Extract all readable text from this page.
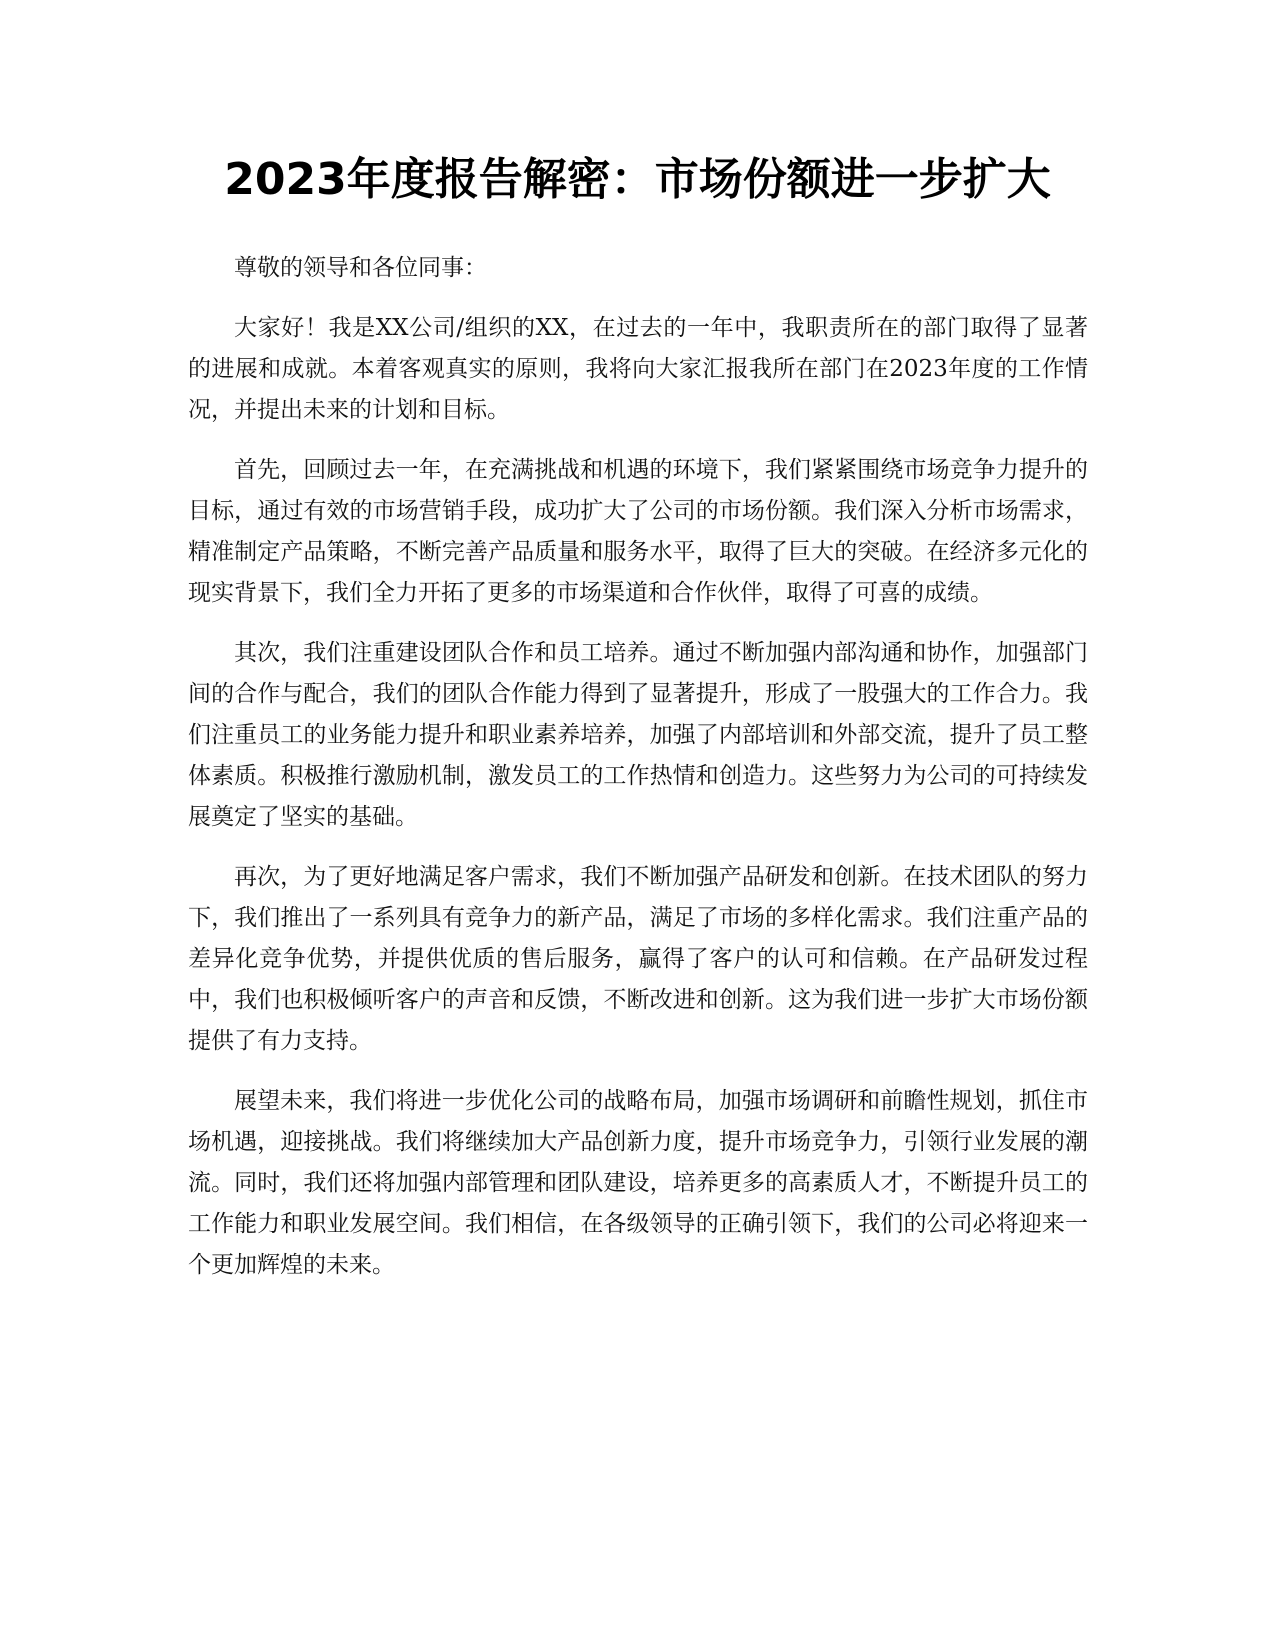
2023年度报告解密：市场份额进一步扩大

尊敬的领导和各位同事：

大家好！我是XX公司/组织的XX，在过去的一年中，我职责所在的部门取得了显著的进展和成就。本着客观真实的原则，我将向大家汇报我所在部门在2023年度的工作情况，并提出未来的计划和目标。

首先，回顾过去一年，在充满挑战和机遇的环境下，我们紧紧围绕市场竞争力提升的目标，通过有效的市场营销手段，成功扩大了公司的市场份额。我们深入分析市场需求，精准制定产品策略，不断完善产品质量和服务水平，取得了巨大的突破。在经济多元化的现实背景下，我们全力开拓了更多的市场渠道和合作伙伴，取得了可喜的成绩。

其次，我们注重建设团队合作和员工培养。通过不断加强内部沟通和协作，加强部门间的合作与配合，我们的团队合作能力得到了显著提升，形成了一股强大的工作合力。我们注重员工的业务能力提升和职业素养培养，加强了内部培训和外部交流，提升了员工整体素质。积极推行激励机制，激发员工的工作热情和创造力。这些努力为公司的可持续发展奠定了坚实的基础。

再次，为了更好地满足客户需求，我们不断加强产品研发和创新。在技术团队的努力下，我们推出了一系列具有竞争力的新产品，满足了市场的多样化需求。我们注重产品的差异化竞争优势，并提供优质的售后服务，赢得了客户的认可和信赖。在产品研发过程中，我们也积极倾听客户的声音和反馈，不断改进和创新。这为我们进一步扩大市场份额提供了有力支持。

展望未来，我们将进一步优化公司的战略布局，加强市场调研和前瞻性规划，抓住市场机遇，迎接挑战。我们将继续加大产品创新力度，提升市场竞争力，引领行业发展的潮流。同时，我们还将加强内部管理和团队建设，培养更多的高素质人才，不断提升员工的工作能力和职业发展空间。我们相信，在各级领导的正确引领下，我们的公司必将迎来一个更加辉煌的未来。
